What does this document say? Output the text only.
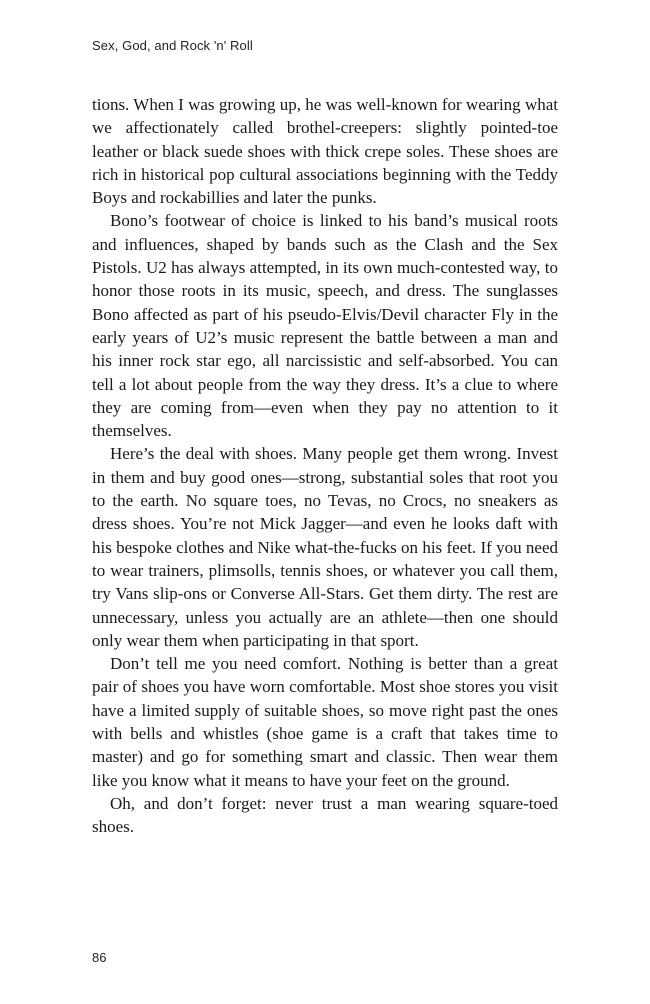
Sex, God, and Rock 'n' Roll

tions. When I was growing up, he was well-known for wearing what we affectionately called brothel-creepers: slightly pointed-toe leather or black suede shoes with thick crepe soles. These shoes are rich in historical pop cultural associations beginning with the Teddy Boys and rockabillies and later the punks.

Bono’s footwear of choice is linked to his band’s musical roots and influences, shaped by bands such as the Clash and the Sex Pistols. U2 has always attempted, in its own much-contested way, to honor those roots in its music, speech, and dress. The sunglasses Bono affected as part of his pseudo-Elvis/Devil character Fly in the early years of U2’s music represent the battle between a man and his inner rock star ego, all narcissistic and self-absorbed. You can tell a lot about people from the way they dress. It’s a clue to where they are coming from—even when they pay no attention to it themselves.

Here’s the deal with shoes. Many people get them wrong. Invest in them and buy good ones—strong, substantial soles that root you to the earth. No square toes, no Tevas, no Crocs, no sneakers as dress shoes. You’re not Mick Jagger—and even he looks daft with his bespoke clothes and Nike what-the-fucks on his feet. If you need to wear trainers, plimsolls, tennis shoes, or whatever you call them, try Vans slip-ons or Converse All-Stars. Get them dirty. The rest are unnecessary, unless you actually are an athlete—then one should only wear them when participating in that sport.

Don’t tell me you need comfort. Nothing is better than a great pair of shoes you have worn comfortable. Most shoe stores you visit have a limited supply of suitable shoes, so move right past the ones with bells and whistles (shoe game is a craft that takes time to master) and go for something smart and classic. Then wear them like you know what it means to have your feet on the ground.

Oh, and don’t forget: never trust a man wearing square-toed shoes.

86
